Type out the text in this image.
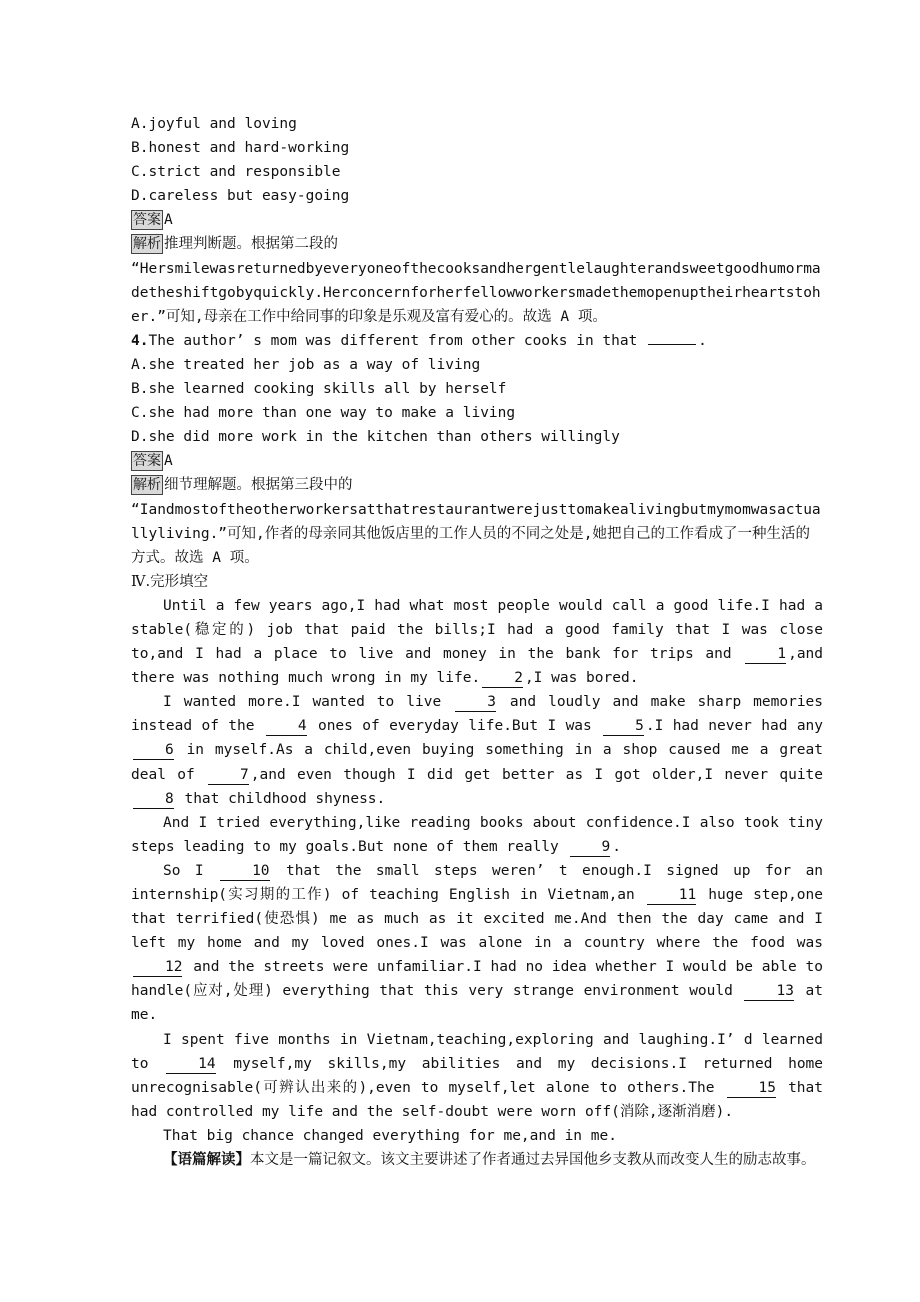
A.joyful and loving

B.honest and hard-working

C.strict and responsible

D.careless but easy-going

答案 A

解析 推理判断题。根据第二段的

“Hersmilewasreturnedbyeveryoneofthecooksandhergentlelaughterandsweetgoodhumormadetheshiftgobyquickly.Herconcernforherfellowworkersmadethemopenuptheirheartstoher.”可知,母亲在工作中给同事的印象是乐观及富有爱心的。故选 A 项。

4.The author’ s mom was different from other cooks in that	.

A.she treated her job as a way of living

B.she learned cooking skills all by herself

C.she had more than one way to make a living

D.she did more work in the kitchen than others willingly

答案 A

解析 细节理解题。根据第三段中的

“Iandmostoftheotherworkersatthatrestaurantwerejusttomakealivingbutmymomwasactuallyliving.”可知,作者的母亲同其他饭店里的工作人员的不同之处是,她把自己的工作看成了一种生活的方式。故选 A 项。

Ⅳ.完形填空

Until a few years ago,I had what most people would call a good life.I had a stable(稳定的) job that paid the bills;I had a good family that I was close to,and I had a place to live and money in the bank for trips and	1 ,and there was nothing much wrong in my life. 2 ,I was bored.

I wanted more.I wanted to live	3 and loudly and make sharp memories instead of the	4 ones of everyday life.But I was	5 .I had never had any 6 in myself.As a child,even buying something in a shop caused me a great deal of	7 ,and even though I did get better as I got older,I never quite 8 that childhood shyness.

And I tried everything,like reading books about confidence.I also took tiny steps leading to my goals.But none of them really	9 .

So I	10 that the small steps weren’ t enough.I signed up for an internship(实习期的工作) of teaching English in Vietnam,an	11 huge step,one that terrified(使恐惧) me as much as it excited me.And then the day came and I left my home and my loved ones.I was alone in a country where the food was 12 and the streets were unfamiliar.I had no idea whether I would be able to handle(应对,处理) everything that this very strange environment would	13 at me.

I spent five months in Vietnam,teaching,exploring and laughing.I’ d learned to	14 myself,my skills,my abilities and my decisions.I returned home unrecognisable(可辨认出来的),even to myself,let alone to others.The	15 that had controlled my life and the self-doubt were worn off(消除,逐渐消磨).

That big chance changed everything for me,and in me.

【语篇解读】本文是一篇记叙文。该文主要讲述了作者通过去异国他乡支教从而改变人生的励志故事。
